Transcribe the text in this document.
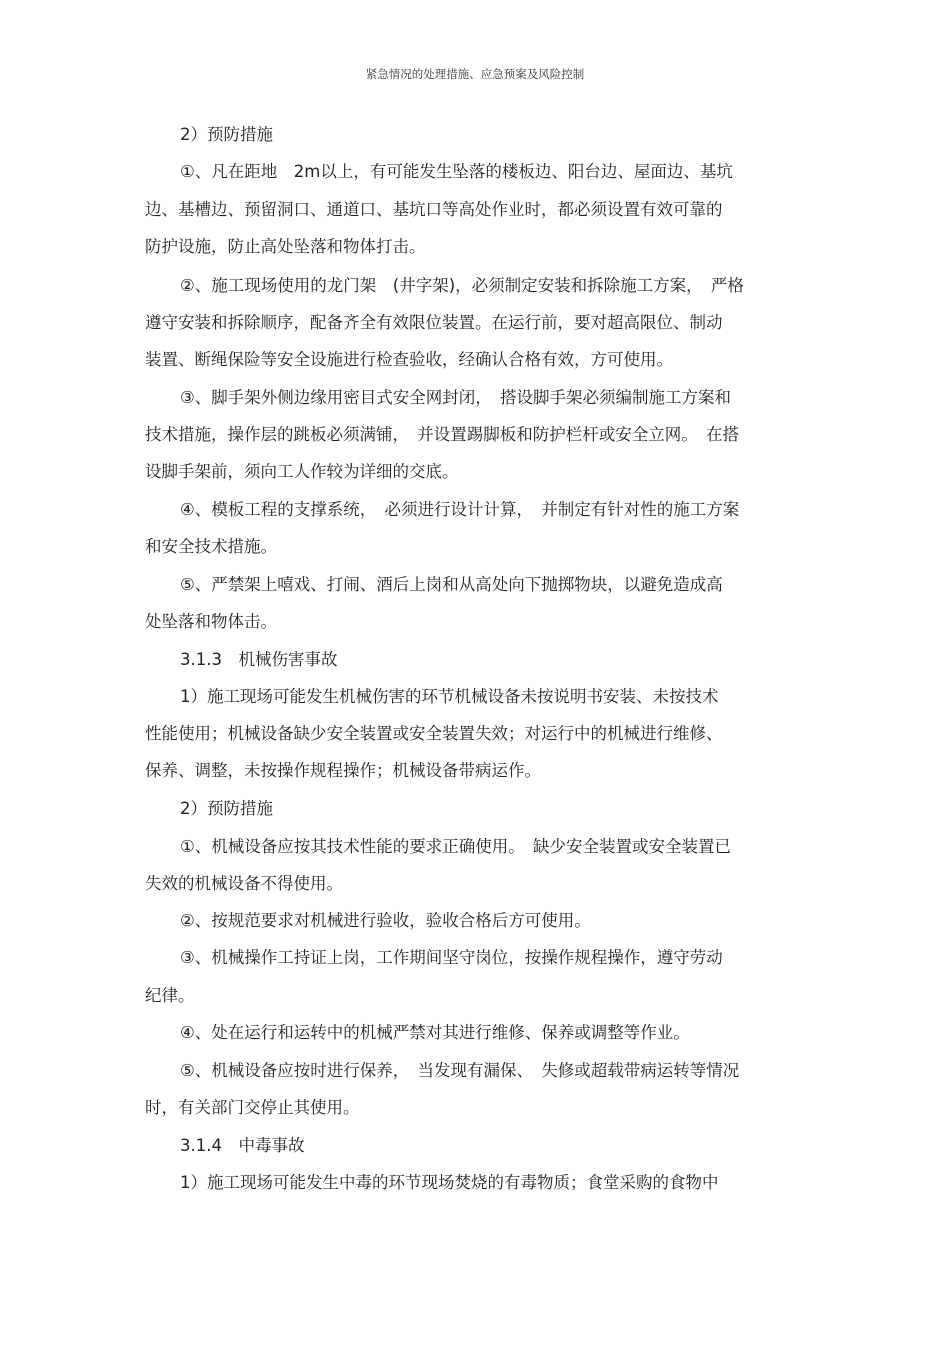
紧急情况的处理措施、应急预案及风险控制
2）预防措施
①、凡在距地　2m以上，有可能发生坠落的楼板边、阳台边、屋面边、基坑
边、基槽边、预留洞口、通道口、基坑口等高处作业时，都必须设置有效可靠的
防护设施，防止高处坠落和物体打击。
②、施工现场使用的龙门架　(井字架)，必须制定安装和拆除施工方案，　严格
遵守安装和拆除顺序，配备齐全有效限位装置。在运行前，要对超高限位、制动
装置、断绳保险等安全设施进行检查验收，经确认合格有效，方可使用。
③、脚手架外侧边缘用密目式安全网封闭，　搭设脚手架必须编制施工方案和
技术措施，操作层的跳板必须满铺，　并设置踢脚板和防护栏杆或安全立网。　在搭
设脚手架前，须向工人作较为详细的交底。
④、模板工程的支撑系统，　必须进行设计计算，　并制定有针对性的施工方案
和安全技术措施。
⑤、严禁架上嘻戏、打闹、酒后上岗和从高处向下抛掷物块，以避免造成高
处坠落和物体击。
3.1.3　机械伤害事故
1）施工现场可能发生机械伤害的环节机械设备未按说明书安装、未按技术
性能使用；机械设备缺少安全装置或安全装置失效；对运行中的机械进行维修、
保养、调整，未按操作规程操作；机械设备带病运作。
2）预防措施
①、机械设备应按其技术性能的要求正确使用。　缺少安全装置或安全装置已
失效的机械设备不得使用。
②、按规范要求对机械进行验收，验收合格后方可使用。
③、机械操作工持证上岗，工作期间坚守岗位，按操作规程操作，遵守劳动
纪律。
④、处在运行和运转中的机械严禁对其进行维修、保养或调整等作业。
⑤、机械设备应按时进行保养，　当发现有漏保、　失修或超载带病运转等情况
时，有关部门交停止其使用。
3.1.4　中毒事故
1）施工现场可能发生中毒的环节现场焚烧的有毒物质；食堂采购的食物中
